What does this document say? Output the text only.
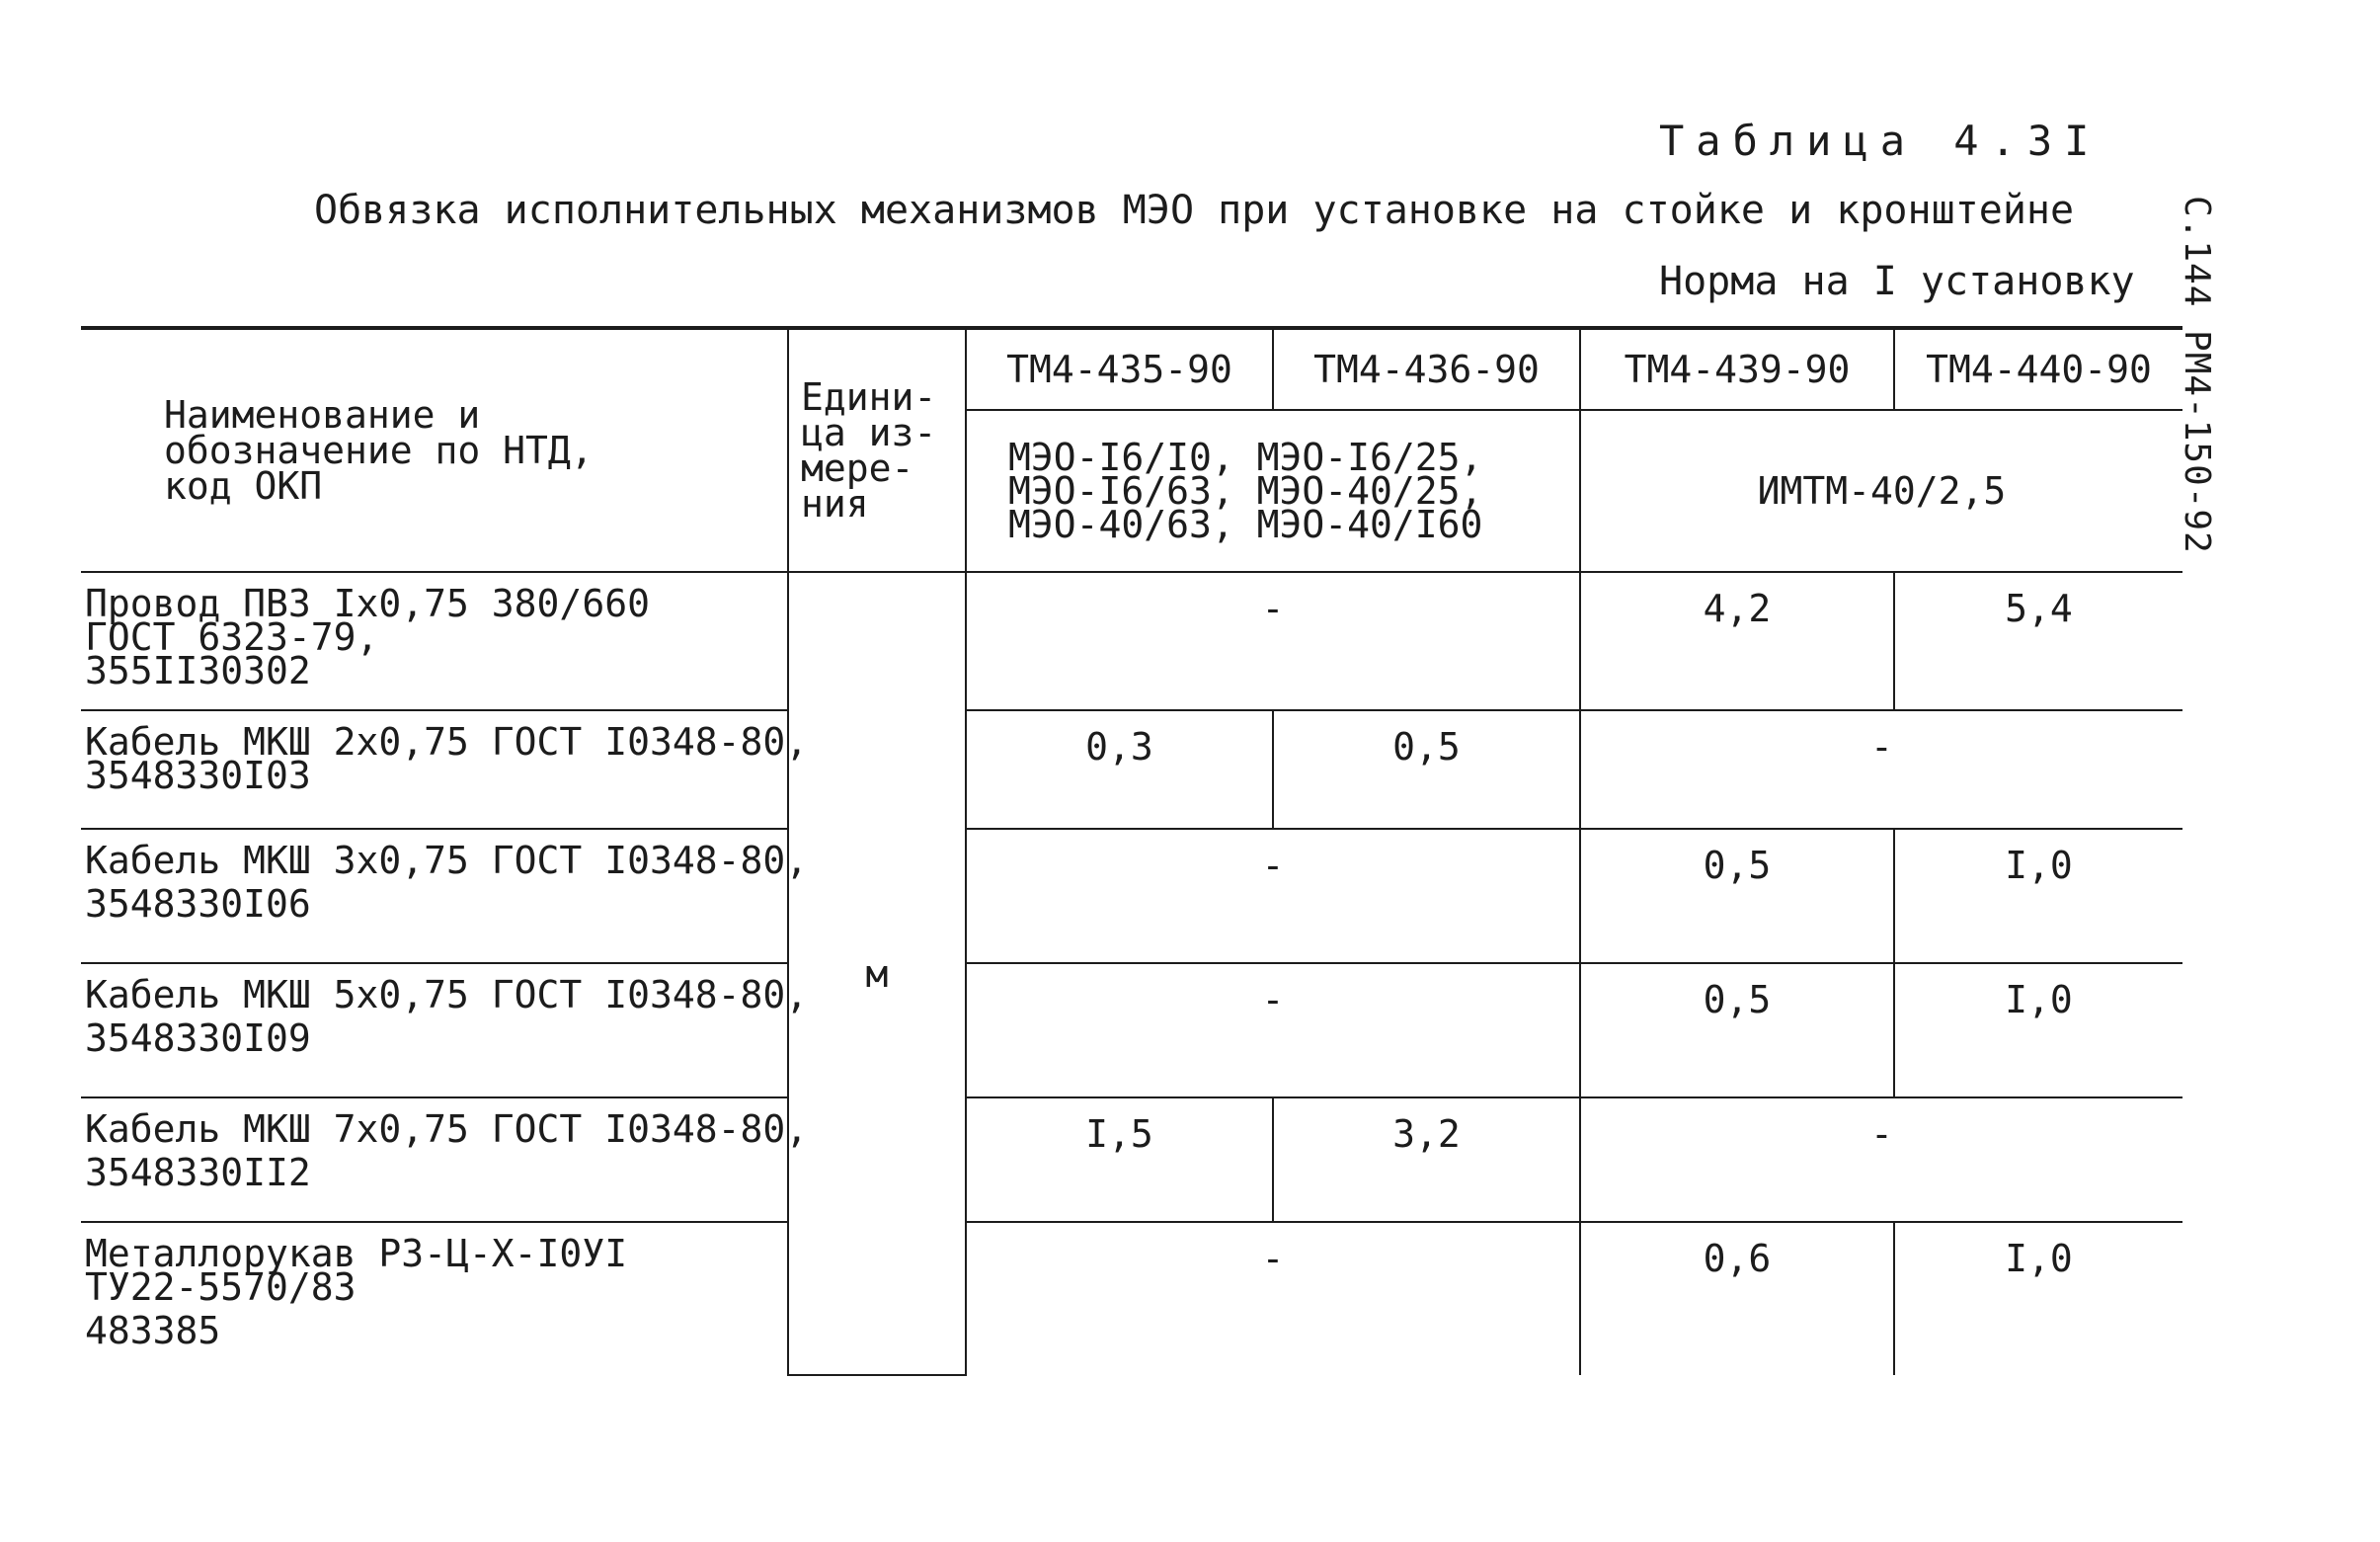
Таблица 4.3I
Обвязка исполнительных механизмов МЭО при установке на стойке и кронштейне
Норма на I установку С.144 РМ4-150-92
Наименование и
обозначение по НТД,
код ОКП	Едини-
ца из-
мере-
ния	ТМ4-435-90	ТМ4-436-90	ТМ4-439-90	ТМ4-440-90

		МЭО-I6/I0, МЭО-I6/25,
МЭО-I6/63, МЭО-40/25,
МЭО-40/63, МЭО-40/I60		ИМТМ-40/2,5	

Провод ПВЗ Iх0,75 380/660
ГОСТ 6323-79,
355II30302	м	-		4,2	5,4

Кабель МКШ 2х0,75 ГОСТ I0348-80,
3548330I03		0,3	0,5	-	

Кабель МКШ 3х0,75 ГОСТ I0348-80,
3548330I06		-		0,5	I,0

Кабель МКШ 5х0,75 ГОСТ I0348-80,
3548330I09		-		0,5	I,0

Кабель МКШ 7х0,75 ГОСТ I0348-80,
3548330II2		I,5	3,2	-	

Металлорукав РЗ-Ц-Х-I0УI
ТУ22-5570/83
483385		-		0,6	I,0
